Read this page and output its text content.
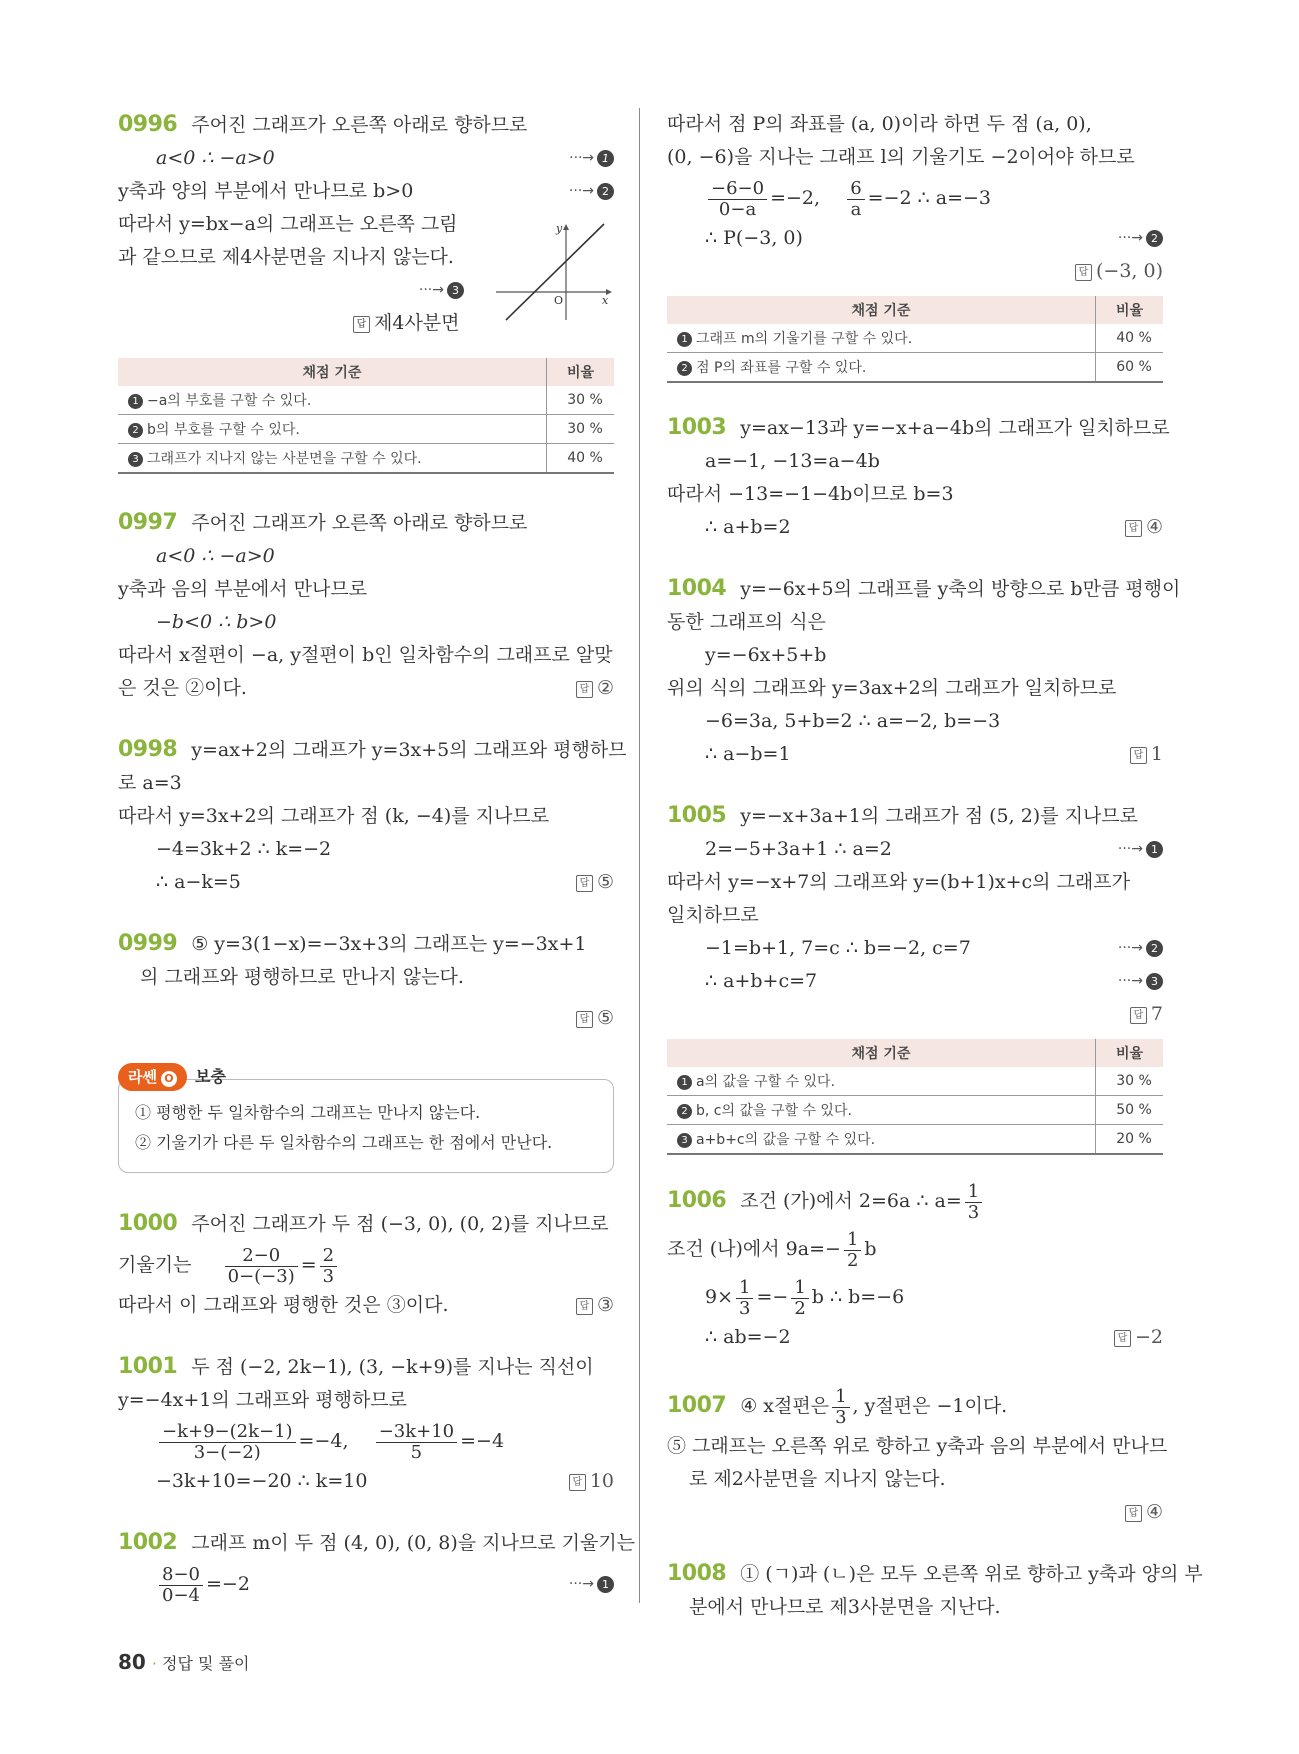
0996 주어진 그래프가 오른쪽 아래로 향하므로
a<0 ∴ −a>0	···→ 1
y축과 양의 부분에서 만나므로 b>0	···→ 2
따라서 y=bx−a의 그래프는 오른쪽 그림
과 같으므로 제4사분면을 지나지 않는다.
···→ 3

답 제4사분면
y
x
O
채점 기준	비율
1 −a의 부호를 구할 수 있다.	30 %
2 b의 부호를 구할 수 있다.	30 %
3 그래프가 지나지 않는 사분면을 구할 수 있다.	40 %
0997 주어진 그래프가 오른쪽 아래로 향하므로
a<0 ∴ −a>0
y축과 음의 부분에서 만나므로
−b<0 ∴ b>0
따라서 x절편이 −a, y절편이 b인 일차함수의 그래프로 알맞
은 것은 ②이다.	답 ②
0998 y=ax+2의 그래프가 y=3x+5의 그래프와 평행하므
로 a=3
따라서 y=3x+2의 그래프가 점 (k, −4)를 지나므로
−4=3k+2 ∴ k=−2
∴ a−k=5	답 ⑤
0999 ⑤ y=3(1−x)=−3x+3의 그래프는 y=−3x+1
의 그래프와 평행하므로 만나지 않는다.

답 ⑤
라쎈 O 보충
① 평행한 두 일차함수의 그래프는 만나지 않는다.
② 기울기가 다른 두 일차함수의 그래프는 한 점에서 만난다.
1000 주어진 그래프가 두 점 (−3, 0), (0, 2)를 지나므로
기울기는 $\frac{2-0}{0-(-3)} = \frac{2}{3}$
따라서 이 그래프와 평행한 것은 ③이다.	답 ③
1001 두 점 (−2, 2k−1), (3, −k+9)를 지나는 직선이
y=−4x+1의 그래프와 평행하므로
$\frac{-k+9-(2k-1)}{3-(-2)} =-4$, $\frac{-3k+10}{5} =-4$
−3k+10=−20 ∴ k=10	답 10
1002 그래프 m이 두 점 (4, 0), (0, 8)을 지나므로 기울기는
$\frac{8-0}{0-4} =-2$	···→ 1
따라서 점 P의 좌표를 (a, 0)이라 하면 두 점 (a, 0),
(0, −6)을 지나는 그래프 l의 기울기도 −2이어야 하므로
$\frac{-6-0}{0-a} =-2$, $\frac{6}{a} =-2$ ∴ a=−3
∴ P(−3, 0)	···→ 2

답 (−3, 0)
채점 기준	비율
1 그래프 m의 기울기를 구할 수 있다.	40 %
2 점 P의 좌표를 구할 수 있다.	60 %
1003 y=ax−13과 y=−x+a−4b의 그래프가 일치하므로
a=−1, −13=a−4b
따라서 −13=−1−4b이므로 b=3
∴ a+b=2	답 ④
1004 y=−6x+5의 그래프를 y축의 방향으로 b만큼 평행이
동한 그래프의 식은
y=−6x+5+b
위의 식의 그래프와 y=3ax+2의 그래프가 일치하므로
−6=3a, 5+b=2 ∴ a=−2, b=−3
∴ a−b=1	답 1
1005 y=−x+3a+1의 그래프가 점 (5, 2)를 지나므로
2=−5+3a+1 ∴ a=2	···→ 1
따라서 y=−x+7의 그래프와 y=(b+1)x+c의 그래프가
일치하므로
−1=b+1, 7=c ∴ b=−2, c=7	···→ 2
∴ a+b+c=7	···→ 3

답 7
채점 기준	비율
1 a의 값을 구할 수 있다.	30 %
2 b, c의 값을 구할 수 있다.	50 %
3 a+b+c의 값을 구할 수 있다.	20 %
1006 조건 (가)에서 2=6a ∴ $a= \frac{1}{3}$
조건 (나)에서 $9a=- \frac{1}{2}$ b
$9\times \frac{1}{3} =- \frac{1}{2}$ b ∴ b=−6
∴ ab=−2	답 −2
1007 ④ x절편은 $\frac{1}{3}$ , y절편은 −1이다.
⑤ 그래프는 오른쪽 위로 향하고 y축과 음의 부분에서 만나므
로 제2사분면을 지나지 않는다.

답 ④
1008 ① (ㄱ)과 (ㄴ)은 모두 오른쪽 위로 향하고 y축과 양의 부
분에서 만나므로 제3사분면을 지난다.
80 · 정답 및 풀이
